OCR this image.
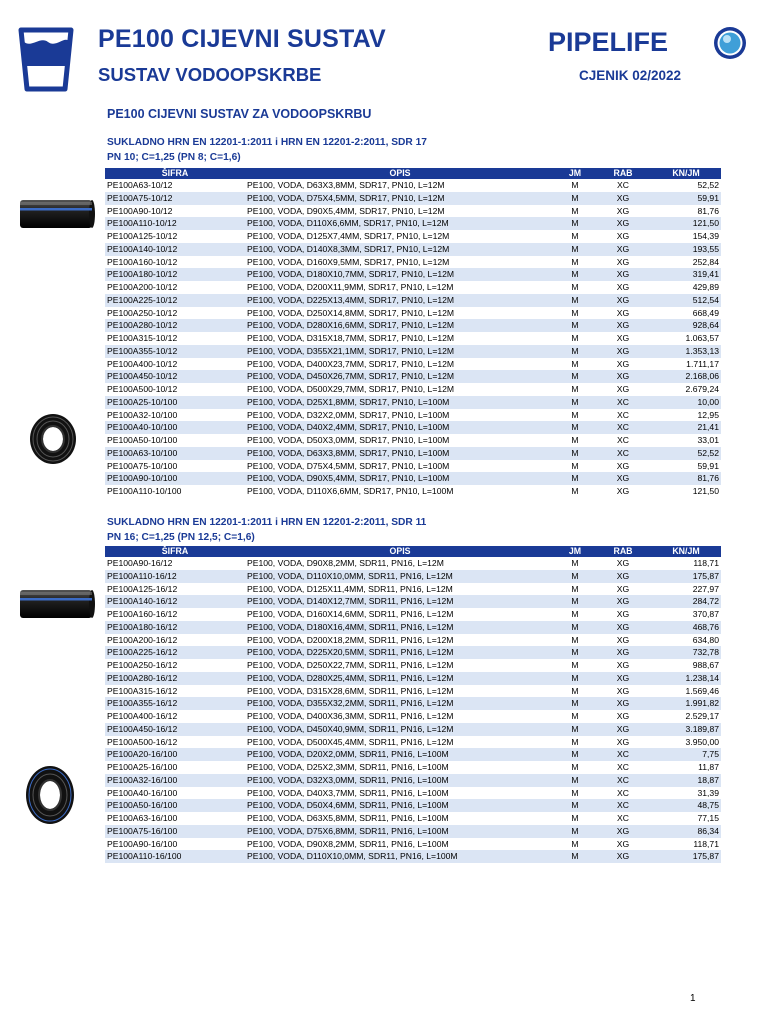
PE100 CIJEVNI SUSTAV
SUSTAV VODOOPSKRBE
PIPELIFE
CJENIK 02/2022
PE100 CIJEVNI SUSTAV ZA VODOOPSKRBU
SUKLADNO HRN EN 12201-1:2011 i HRN EN 12201-2:2011, SDR 17
PN 10; C=1,25 (PN 8; C=1,6)
ŠIFRA	OPIS	JM	RAB	KN/JM
PE100A63-10/12	PE100, VODA, D63X3,8MM, SDR17, PN10, L=12M	M	XC	52,52
PE100A75-10/12	PE100, VODA, D75X4,5MM, SDR17, PN10, L=12M	M	XG	59,91
PE100A90-10/12	PE100, VODA, D90X5,4MM, SDR17, PN10, L=12M	M	XG	81,76
PE100A110-10/12	PE100, VODA, D110X6,6MM, SDR17, PN10, L=12M	M	XG	121,50
PE100A125-10/12	PE100, VODA, D125X7,4MM, SDR17, PN10, L=12M	M	XG	154,39
PE100A140-10/12	PE100, VODA, D140X8,3MM, SDR17, PN10, L=12M	M	XG	193,55
PE100A160-10/12	PE100, VODA, D160X9,5MM, SDR17, PN10, L=12M	M	XG	252,84
PE100A180-10/12	PE100, VODA, D180X10,7MM, SDR17, PN10, L=12M	M	XG	319,41
PE100A200-10/12	PE100, VODA, D200X11,9MM, SDR17, PN10, L=12M	M	XG	429,89
PE100A225-10/12	PE100, VODA, D225X13,4MM, SDR17, PN10, L=12M	M	XG	512,54
PE100A250-10/12	PE100, VODA, D250X14,8MM, SDR17, PN10, L=12M	M	XG	668,49
PE100A280-10/12	PE100, VODA, D280X16,6MM, SDR17, PN10, L=12M	M	XG	928,64
PE100A315-10/12	PE100, VODA, D315X18,7MM, SDR17, PN10, L=12M	M	XG	1.063,57
PE100A355-10/12	PE100, VODA, D355X21,1MM, SDR17, PN10, L=12M	M	XG	1.353,13
PE100A400-10/12	PE100, VODA, D400X23,7MM, SDR17, PN10, L=12M	M	XG	1.711,17
PE100A450-10/12	PE100, VODA, D450X26,7MM, SDR17, PN10, L=12M	M	XG	2.168,06
PE100A500-10/12	PE100, VODA, D500X29,7MM, SDR17, PN10, L=12M	M	XG	2.679,24
PE100A25-10/100	PE100, VODA, D25X1,8MM, SDR17, PN10, L=100M	M	XC	10,00
PE100A32-10/100	PE100, VODA, D32X2,0MM, SDR17, PN10, L=100M	M	XC	12,95
PE100A40-10/100	PE100, VODA, D40X2,4MM, SDR17, PN10, L=100M	M	XC	21,41
PE100A50-10/100	PE100, VODA, D50X3,0MM, SDR17, PN10, L=100M	M	XC	33,01
PE100A63-10/100	PE100, VODA, D63X3,8MM, SDR17, PN10, L=100M	M	XC	52,52
PE100A75-10/100	PE100, VODA, D75X4,5MM, SDR17, PN10, L=100M	M	XG	59,91
PE100A90-10/100	PE100, VODA, D90X5,4MM, SDR17, PN10, L=100M	M	XG	81,76
PE100A110-10/100	PE100, VODA, D110X6,6MM, SDR17, PN10, L=100M	M	XG	121,50
SUKLADNO HRN EN 12201-1:2011 i HRN EN 12201-2:2011, SDR 11
PN 16; C=1,25 (PN 12,5; C=1,6)
ŠIFRA	OPIS	JM	RAB	KN/JM
PE100A90-16/12	PE100, VODA, D90X8,2MM, SDR11, PN16, L=12M	M	XG	118,71
PE100A110-16/12	PE100, VODA, D110X10,0MM, SDR11, PN16, L=12M	M	XG	175,87
PE100A125-16/12	PE100, VODA, D125X11,4MM, SDR11, PN16, L=12M	M	XG	227,97
PE100A140-16/12	PE100, VODA, D140X12,7MM, SDR11, PN16, L=12M	M	XG	284,72
PE100A160-16/12	PE100, VODA, D160X14,6MM, SDR11, PN16, L=12M	M	XG	370,87
PE100A180-16/12	PE100, VODA, D180X16,4MM, SDR11, PN16, L=12M	M	XG	468,76
PE100A200-16/12	PE100, VODA, D200X18,2MM, SDR11, PN16, L=12M	M	XG	634,80
PE100A225-16/12	PE100, VODA, D225X20,5MM, SDR11, PN16, L=12M	M	XG	732,78
PE100A250-16/12	PE100, VODA, D250X22,7MM, SDR11, PN16, L=12M	M	XG	988,67
PE100A280-16/12	PE100, VODA, D280X25,4MM, SDR11, PN16, L=12M	M	XG	1.238,14
PE100A315-16/12	PE100, VODA, D315X28,6MM, SDR11, PN16, L=12M	M	XG	1.569,46
PE100A355-16/12	PE100, VODA, D355X32,2MM, SDR11, PN16, L=12M	M	XG	1.991,82
PE100A400-16/12	PE100, VODA, D400X36,3MM, SDR11, PN16, L=12M	M	XG	2.529,17
PE100A450-16/12	PE100, VODA, D450X40,9MM, SDR11, PN16, L=12M	M	XG	3.189,87
PE100A500-16/12	PE100, VODA, D500X45,4MM, SDR11, PN16, L=12M	M	XG	3.950,00
PE100A20-16/100	PE100, VODA, D20X2,0MM, SDR11, PN16, L=100M	M	XC	7,75
PE100A25-16/100	PE100, VODA, D25X2,3MM, SDR11, PN16, L=100M	M	XC	11,87
PE100A32-16/100	PE100, VODA, D32X3,0MM, SDR11, PN16, L=100M	M	XC	18,87
PE100A40-16/100	PE100, VODA, D40X3,7MM, SDR11, PN16, L=100M	M	XC	31,39
PE100A50-16/100	PE100, VODA, D50X4,6MM, SDR11, PN16, L=100M	M	XC	48,75
PE100A63-16/100	PE100, VODA, D63X5,8MM, SDR11, PN16, L=100M	M	XC	77,15
PE100A75-16/100	PE100, VODA, D75X6,8MM, SDR11, PN16, L=100M	M	XG	86,34
PE100A90-16/100	PE100, VODA, D90X8,2MM, SDR11, PN16, L=100M	M	XG	118,71
PE100A110-16/100	PE100, VODA, D110X10,0MM, SDR11, PN16, L=100M	M	XG	175,87
1
